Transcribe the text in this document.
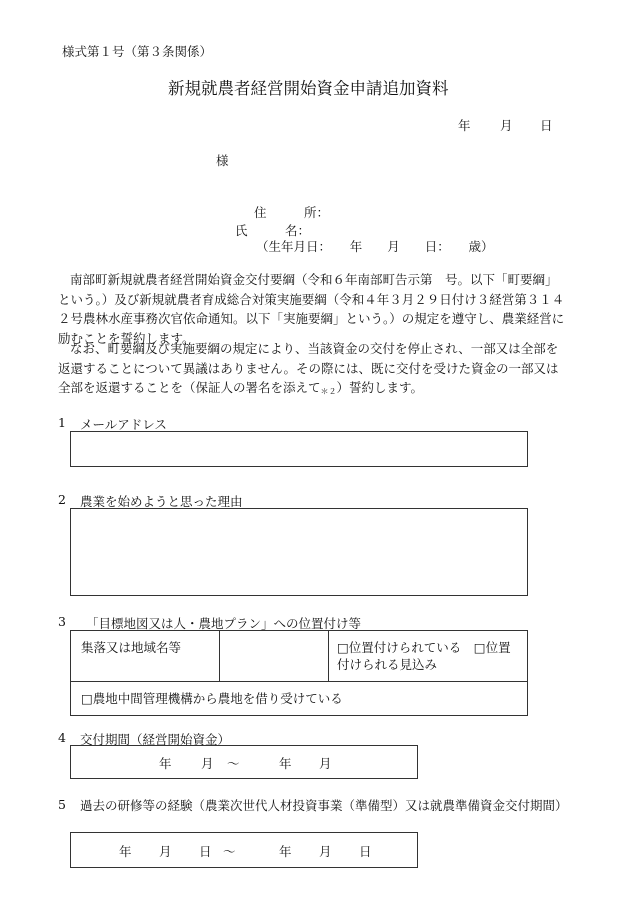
様式第１号（第３条関係）
新規就農者経営開始資金申請追加資料
年 月 日
様
住　　　所：
氏　　　名：
（生年月日：　　年　　月　　日：　　歳）
南部町新規就農者経営開始資金交付要綱（令和６年南部町告示第　号。以下「町要綱」という。）及び新規就農者育成総合対策実施要綱（令和４年３月２９日付け３経営第３１４２号農林水産事務次官依命通知。以下「実施要綱」という。）の規定を遵守し、農業経営に励むことを誓約します。
なお、町要綱及び実施要綱の規定により、当該資金の交付を停止され、一部又は全部を返還することについて異議はありません。その際には、既に交付を受けた資金の一部又は全部を返還することを（保証人の署名を添えて$_{*2}$）誓約します。
1 メールアドレス
2 農業を始めようと思った理由
3 「目標地図又は人・農地プラン」への位置付け等
集落又は地域名等		□位置付けられている　□位置付けられる見込み
□農地中間管理機構から農地を借り受けている
4 交付期間（経営開始資金）
年 月 ～	年 月
5 過去の研修等の経験（農業次世代人材投資事業（準備型）又は就農準備資金交付期間）
年 月 日 ～	年 月 日
